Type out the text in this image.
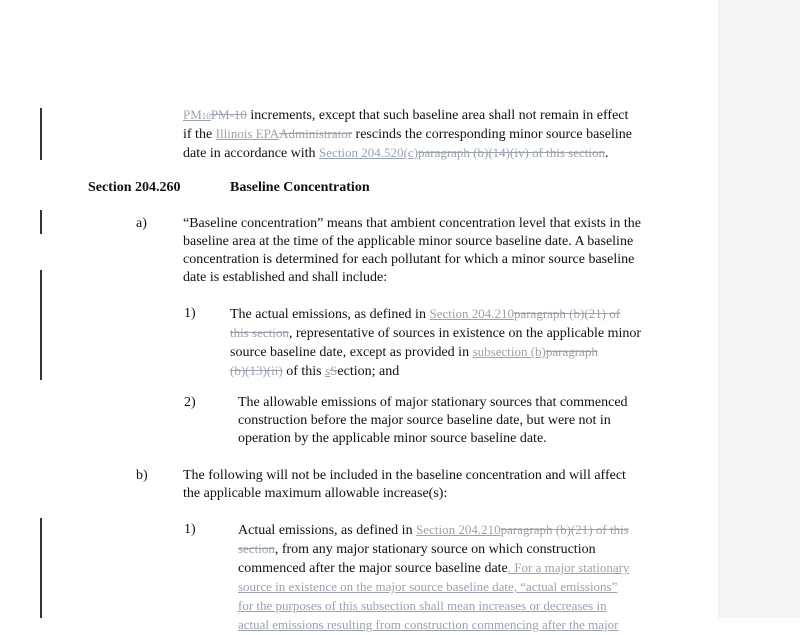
PM10PM-10 increments, except that such baseline area shall not remain in effect
if the Illinois EPAAdministrator rescinds the corresponding minor source baseline
date in accordance with Section 204.520(c)paragraph (b)(14)(iv) of this section.
Section 204.260	Baseline Concentration
a)	“Baseline concentration” means that ambient concentration level that exists in the
baseline area at the time of the applicable minor source baseline date. A baseline
concentration is determined for each pollutant for which a minor source baseline
date is established and shall include:
1) The actual emissions, as defined in Section 204.210paragraph (b)(21) of
this section, representative of sources in existence on the applicable minor
source baseline date, except as provided in subsection (b)paragraph
(b)(13)(ii) of this sSection; and
2)	The allowable emissions of major stationary sources that commenced
construction before the major source baseline date, but were not in
operation by the applicable minor source baseline date.
b)	The following will not be included in the baseline concentration and will affect
the applicable maximum allowable increase(s):
1)	Actual emissions, as defined in Section 204.210paragraph (b)(21) of this
section, from any major stationary source on which construction
commenced after the major source baseline date. For a major stationary
source in existence on the major source baseline date, “actual emissions”
for the purposes of this subsection shall mean increases or decreases in
actual emissions resulting from construction commencing after the major
